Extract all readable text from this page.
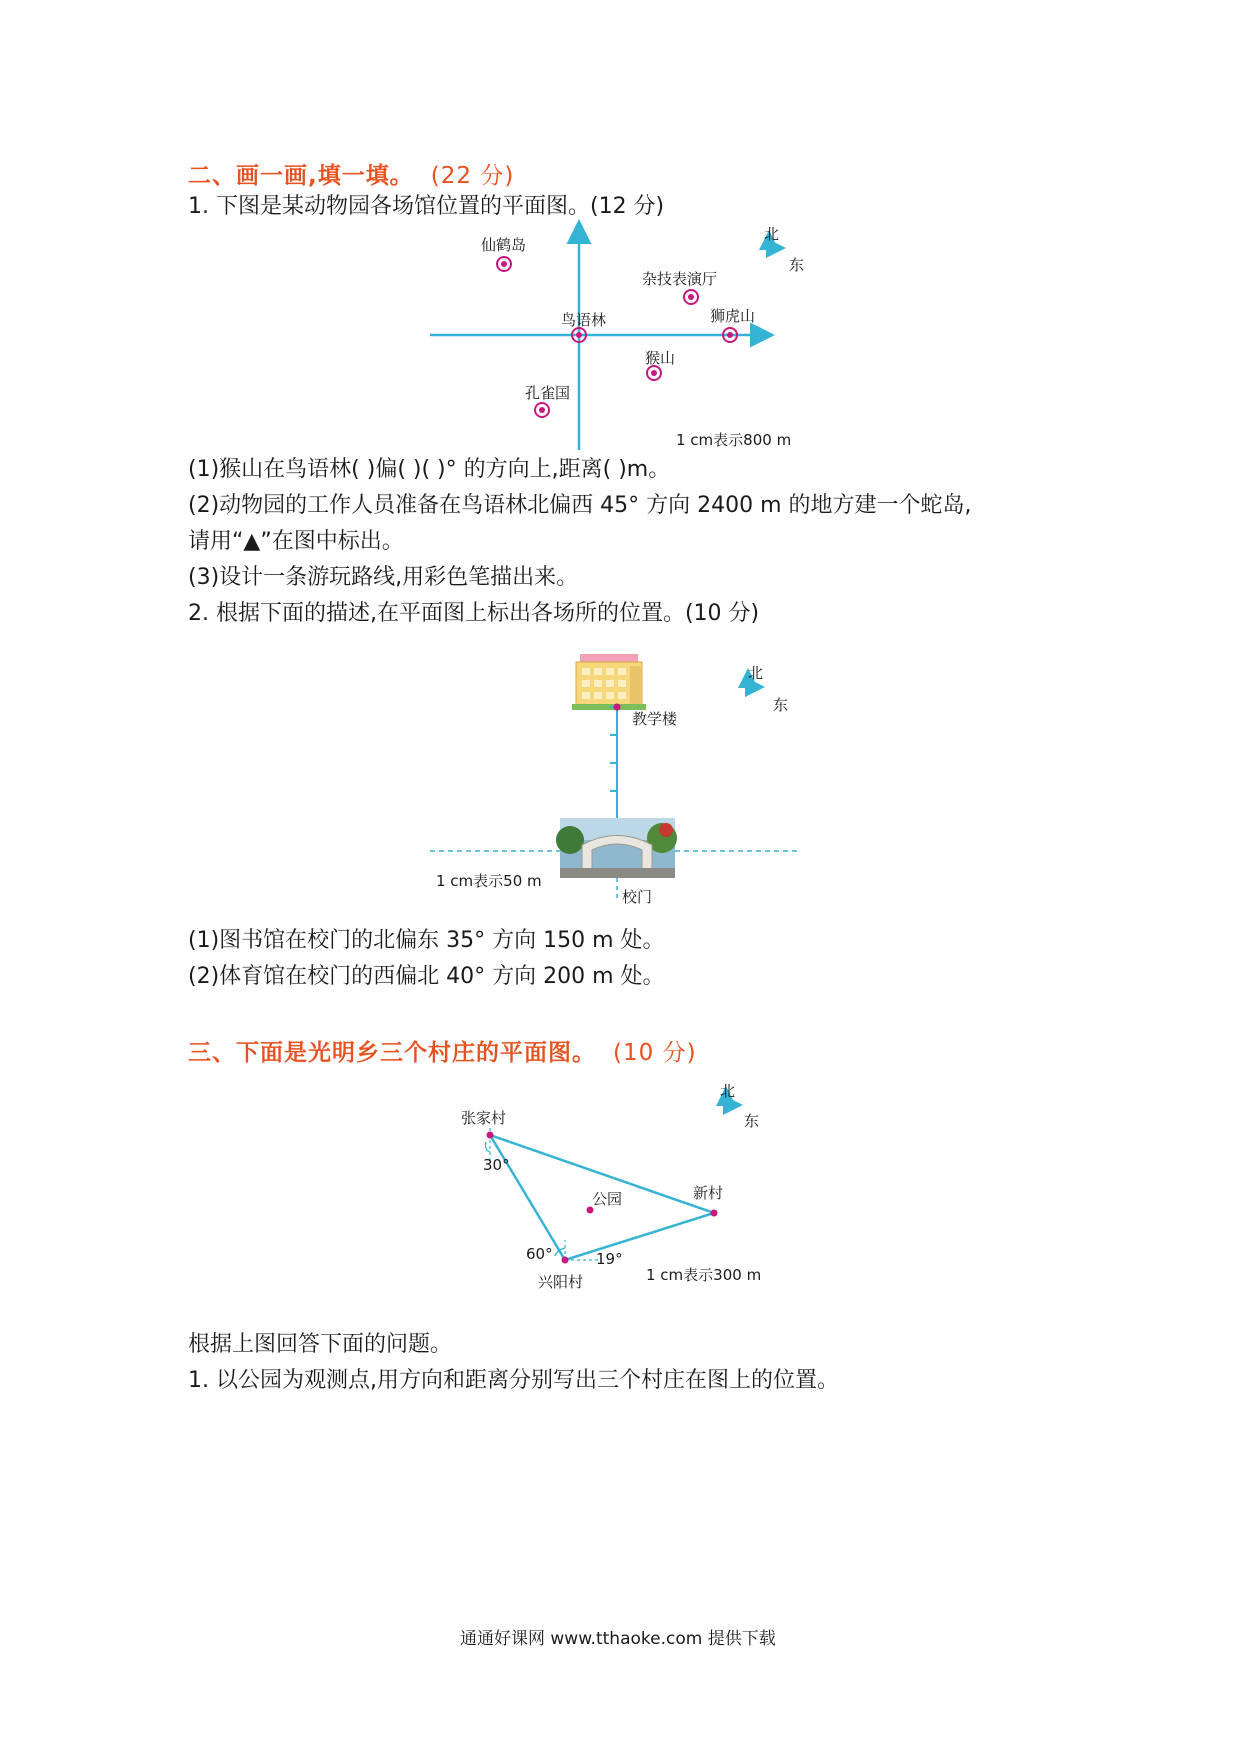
二、画一画,填一填。 (22 分)
1. 下图是某动物园各场馆位置的平面图。(12 分)
北
东
仙鹤岛
杂技表演厅
鸟语林	狮虎山
猴山
孔雀国
1 cm表示800 m
(1)猴山在鸟语林( )偏( )( )° 的方向上,距离( )m。
(2)动物园的工作人员准备在鸟语林北偏西 45° 方向 2400 m 的地方建一个蛇岛,
请用“▲”在图中标出。
(3)设计一条游玩路线,用彩色笔描出来。
2. 根据下面的描述,在平面图上标出各场所的位置。(10 分)
北
东
教学楼
1 cm表示50 m
校门
(1)图书馆在校门的北偏东 35° 方向 150 m 处。
(2)体育馆在校门的西偏北 40° 方向 200 m 处。
三、下面是光明乡三个村庄的平面图。 (10 分)
北
东
张家村
新村
兴阳村
公园
30°
60°	19°
1 cm表示300 m
根据上图回答下面的问题。
1. 以公园为观测点,用方向和距离分别写出三个村庄在图上的位置。
通通好课网 www.tthaoke.com 提供下载
